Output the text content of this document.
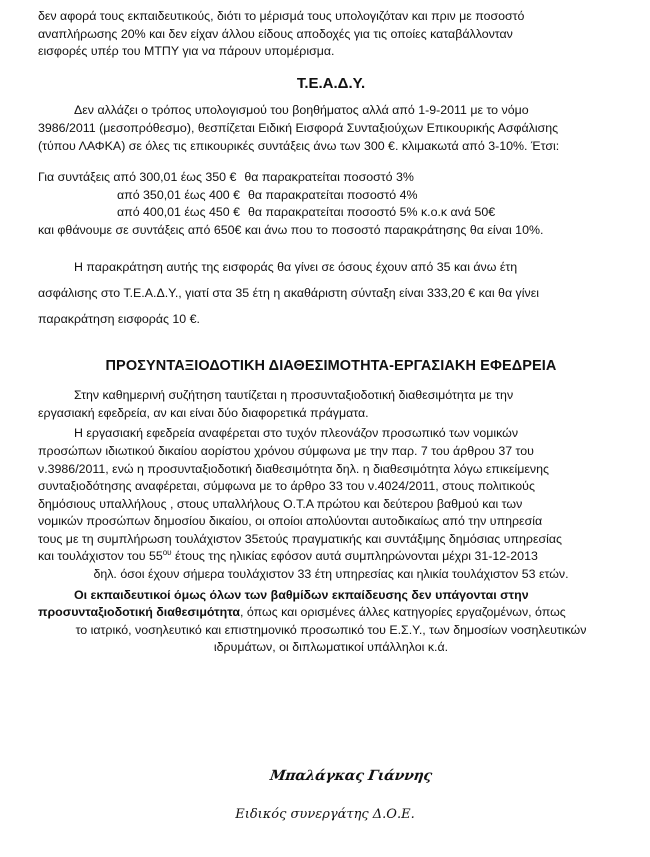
δεν αφορά τους εκπαιδευτικούς, διότι το μέρισμά τους υπολογιζόταν και πριν με ποσοστό

αναπλήρωσης 20% και δεν είχαν άλλου είδους αποδοχές για τις οποίες καταβάλλονταν

εισφορές υπέρ του ΜΤΠΥ για να πάρουν υπομέρισμα.

Τ.Ε.Α.Δ.Υ.

Δεν αλλάζει ο τρόπος υπολογισμού του βοηθήματος αλλά από 1-9-2011 με το νόμο

3986/2011 (μεσοπρόθεσμο), θεσπίζεται Ειδική Εισφορά Συνταξιούχων Επικουρικής Ασφάλισης

(τύπου ΛΑΦΚΑ) σε όλες τις επικουρικές συντάξεις άνω των 300 €. κλιμακωτά από 3-10%. Έτσι:

Για συντάξεις από 300,01 έως 350 € θα παρακρατείται ποσοστό 3%

από 350,01 έως 400 € θα παρακρατείται ποσοστό 4%

από 400,01 έως 450 € θα παρακρατείται ποσοστό 5% κ.ο.κ ανά 50€

και φθάνουμε σε συντάξεις από 650€ και άνω που το ποσοστό παρακράτησης θα είναι 10%.

Η παρακράτηση αυτής της εισφοράς θα γίνει σε όσους έχουν από 35 και άνω έτη

ασφάλισης στο Τ.Ε.Α.Δ.Υ., γιατί στα 35 έτη η ακαθάριστη σύνταξη είναι 333,20 € και θα γίνει

παρακράτηση εισφοράς 10 €.

ΠΡΟΣΥΝΤΑΞΙΟΔΟΤΙΚΗ ΔΙΑΘΕΣΙΜΟΤΗΤΑ-ΕΡΓΑΣΙΑΚΗ ΕΦΕΔΡΕΙΑ

Στην καθημερινή συζήτηση ταυτίζεται η προσυνταξιοδοτική διαθεσιμότητα με την

εργασιακή εφεδρεία, αν και είναι δύο διαφορετικά πράγματα.

Η εργασιακή εφεδρεία αναφέρεται στο τυχόν πλεονάζον προσωπικό των νομικών

προσώπων ιδιωτικού δικαίου αορίστου χρόνου σύμφωνα με την παρ. 7 του άρθρου 37 του

ν.3986/2011, ενώ η προσυνταξιοδοτική διαθεσιμότητα δηλ. η διαθεσιμότητα λόγω επικείμενης

συνταξιοδότησης αναφέρεται, σύμφωνα με το άρθρο 33 του ν.4024/2011, στους πολιτικούς

δημόσιους υπαλλήλους , στους υπαλλήλους Ο.Τ.Α πρώτου και δεύτερου βαθμού και των

νομικών προσώπων δημοσίου δικαίου, οι οποίοι απολύονται αυτοδικαίως από την υπηρεσία

τους με τη συμπλήρωση τουλάχιστον 35ετούς πραγματικής και συντάξιμης δημόσιας υπηρεσίας

και τουλάχιστον του $55^{o\upsilon}$ έτους της ηλικίας εφόσον αυτά συμπληρώνονται μέχρι 31-12-2013

δηλ. όσοι έχουν σήμερα τουλάχιστον 33 έτη υπηρεσίας και ηλικία τουλάχιστον 53 ετών.

Οι εκπαιδευτικοί όμως όλων των βαθμίδων εκπαίδευσης δεν υπάγονται στην

προσυνταξιοδοτική διαθεσιμότητα, όπως και ορισμένες άλλες κατηγορίες εργαζομένων, όπως

το ιατρικό, νοσηλευτικό και επιστημονικό προσωπικό του Ε.Σ.Υ., των δημοσίων νοσηλευτικών

ιδρυμάτων, οι διπλωματικοί υπάλληλοι κ.ά.

Μπαλάγκας Γιάννης
Ειδικός συνεργάτης Δ.Ο.Ε.
